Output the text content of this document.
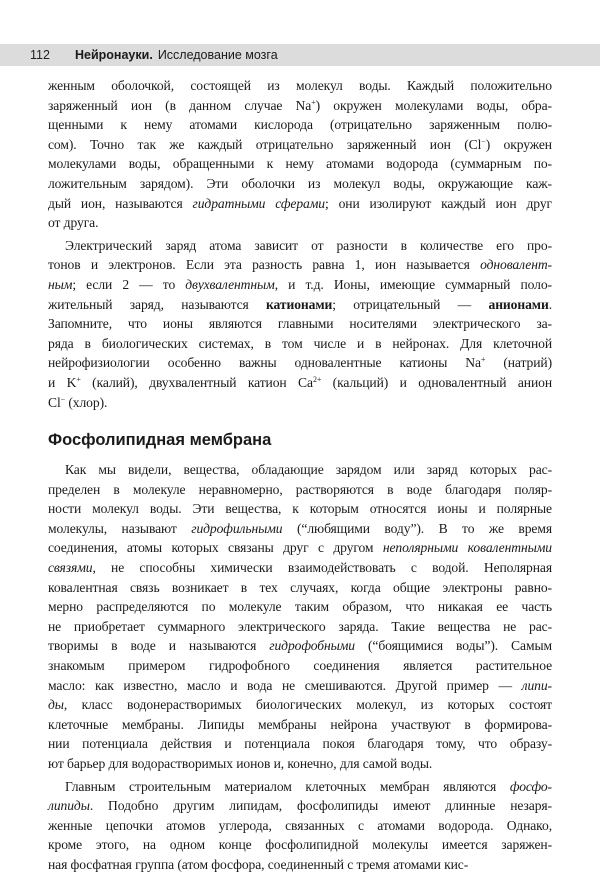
112	Нейронауки. Исследование мозга
женным оболочкой, состоящей из молекул воды. Каждый положительно
заряженный ион (в данном случае Na+) окружен молекулами воды, обра-
щенными к нему атомами кислорода (отрицательно заряженным полю-
сом). Точно так же каждый отрицательно заряженный ион (Cl−) окружен
молекулами воды, обращенными к нему атомами водорода (суммарным по-
ложительным зарядом). Эти оболочки из молекул воды, окружающие каж-
дый ион, называются гидратными сферами; они изолируют каждый ион друг
от друга.
Электрический заряд атома зависит от разности в количестве его про-
тонов и электронов. Если эта разность равна 1, ион называется одновалент-
ным; если 2 — то двухвалентным, и т.д. Ионы, имеющие суммарный поло-
жительный заряд, называются катионами; отрицательный — анионами.
Запомните, что ионы являются главными носителями электрического за-
ряда в биологических системах, в том числе и в нейронах. Для клеточной
нейрофизиологии особенно важны одновалентные катионы Na+ (натрий)
и K+ (калий), двухвалентный катион $Ca^{2+}$ (кальций) и одновалентный анион
Cl− (хлор).
Фосфолипидная мембрана
Как мы видели, вещества, обладающие зарядом или заряд которых рас-
пределен в молекуле неравномерно, растворяются в воде благодаря поляр-
ности молекул воды. Эти вещества, к которым относятся ионы и полярные
молекулы, называют гидрофильными (“любящими воду”). В то же время
соединения, атомы которых связаны друг с другом неполярными ковалентными
связями, не способны химически взаимодействовать с водой. Неполярная
ковалентная связь возникает в тех случаях, когда общие электроны равно-
мерно распределяются по молекуле таким образом, что никакая ее часть
не приобретает суммарного электрического заряда. Такие вещества не рас-
творимы в воде и называются гидрофобными (“боящимися воды”). Самым
знакомым примером гидрофобного соединения является растительное
масло: как известно, масло и вода не смешиваются. Другой пример — липи-
ды, класс водонерастворимых биологических молекул, из которых состоят
клеточные мембраны. Липиды мембраны нейрона участвуют в формирова-
нии потенциала действия и потенциала покоя благодаря тому, что образу-
ют барьер для водорастворимых ионов и, конечно, для самой воды.
Главным строительным материалом клеточных мембран являются фосфо-
липиды. Подобно другим липидам, фосфолипиды имеют длинные незаря-
женные цепочки атомов углерода, связанных с атомами водорода. Однако,
кроме этого, на одном конце фосфолипидной молекулы имеется заряжен-
ная фосфатная группа (атом фосфора, соединенный с тремя атомами кис-
